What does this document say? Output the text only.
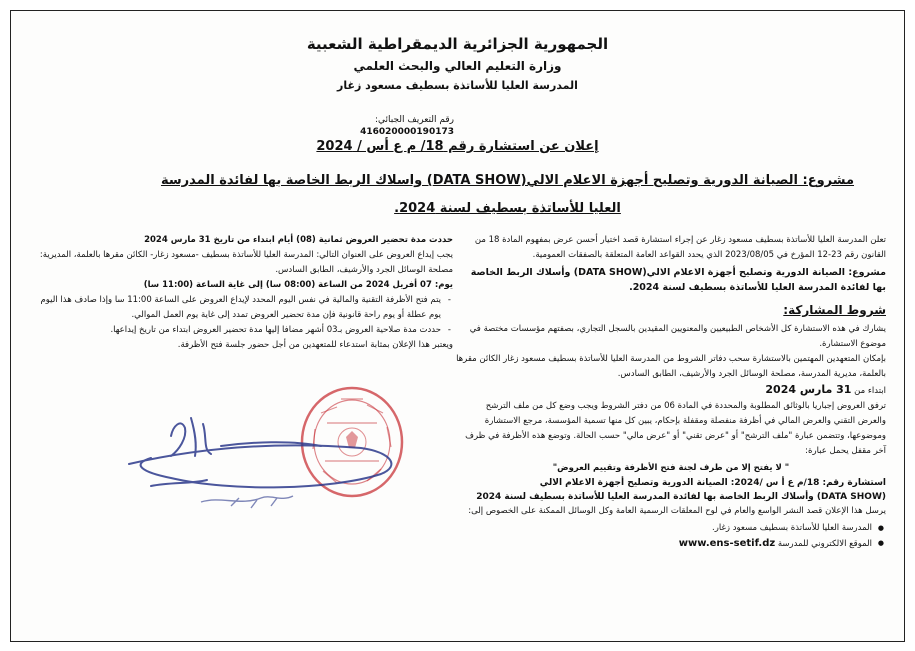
الجمهورية الجزائرية الديمقراطية الشعبية
وزارة التعليم العالي والبحث العلمي
المدرسة العليا للأساتذة بسطيف مسعود زغار
رقم التعريف الجبائي:
416020000190173
إعلان عن استشارة رقم 18/ م ع أس / 2024
مشروع: الصيانة الدورية وتصليح أجهزة الاعلام الالي(DATA SHOW) واسلاك الربط الخاصة بها لفائدة المدرسة
العليا للأساتذة بسطيف لسنة 2024.

تعلن المدرسة العليا للأساتذة بسطيف مسعود زغار عن إجراء استشارة قصد اختيار أحسن عرض بمفهوم المادة 18 من القانون رقم 23-12 المؤرخ في 2023/08/05 الذي يحدد القواعد العامة المتعلقة بالصفقات العمومية.

مشروع: الصيانة الدورية وتصليح أجهزة الاعلام الالي(DATA SHOW) وأسلاك الربط الخاصة بها لفائدة المدرسة العليا للأساتذة بسطيف لسنة 2024.

شروط المشاركة:

يشارك في هذه الاستشارة كل الأشخاص الطبيعيين والمعنويين المقيدين بالسجل التجاري، بصفتهم مؤسسات مختصة في موضوع الاستشارة.

بإمكان المتعهدين المهتمين بالاستشارة سحب دفاتر الشروط من المدرسة العليا للأساتذة بسطيف مسعود زغار الكائن مقرها بالعلمة، مديرية المدرسة، مصلحة الوسائل الجرد والأرشيف، الطابق السادس.

ابتداء من 31 مارس 2024

ترفق العروض إجباريا بالوثائق المطلوبة والمحددة في المادة 06 من دفتر الشروط ويجب وضع كل من ملف الترشح والعرض التقني والعرض المالي في أظرفة منفصلة ومقفلة بإحكام، يبين كل منها تسمية المؤسسة، مرجع الاستشارة وموضوعها، وتتضمن عبارة "ملف الترشح" أو "عرض تقني" أو "عرض مالي" حسب الحالة. وتوضع هذه الأظرفة في ظرف آخر مقفل يحمل عبارة:

" لا يفتح إلا من طرف لجنة فتح الأظرفة وتقييم العروض"

استشارة رقم: 18/م ع أ س /2024: الصيانة الدورية وتصليح أجهزة الاعلام الالي

(DATA SHOW) وأسلاك الربط الخاصة بها لفائدة المدرسة العليا للأساتذة بسطيف لسنة 2024

يرسل هذا الإعلان قصد النشر الواسع والعام في لوح المعلقات الرسمية العامة وكل الوسائل الممكنة على الخصوص إلى:

● المدرسة العليا للأساتذة بسطيف مسعود زغار.
● الموقع الالكتروني للمدرسة www.ens-setif.dz

حددت مدة تحضير العروض ثمانية (08) أيام ابتداء من تاريخ 31 مارس 2024

يجب إيداع العروض على العنوان التالي: المدرسة العليا للأساتذة بسطيف -مسعود زغار- الكائن مقرها بالعلمة، المديرية: مصلحة الوسائل الجرد والأرشيف، الطابق السادس.

يوم: 07 أفريل 2024 من الساعة (08:00 سا) إلى غاية الساعة (11:00 سا)

- يتم فتح الأظرفة التقنية والمالية في نفس اليوم المحدد لإيداع العروض على الساعة 11:00 سا وإذا صادف هذا اليوم يوم عطلة أو يوم راحة قانونية فإن مدة تحضير العروض تمدد إلى غاية يوم العمل الموالي.
- حددت مدة صلاحية العروض بـ03 أشهر مضافا إليها مدة تحضير العروض ابتداء من تاريخ إيداعها.

ويعتبر هذا الإعلان بمثابة استدعاء للمتعهدين من أجل حضور جلسة فتح الأظرفة.
